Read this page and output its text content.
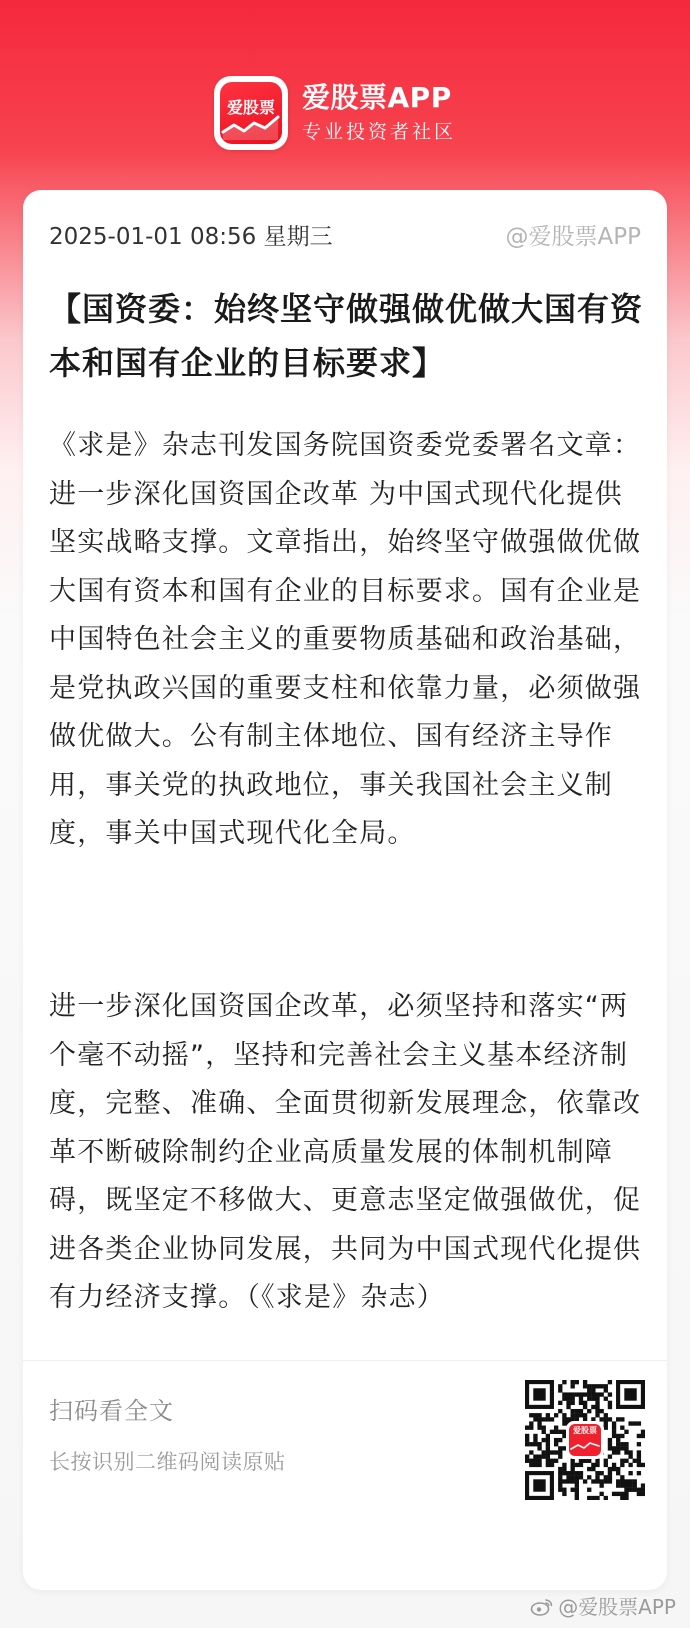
爱股票 爱股票APP
专业投资者社区
2025-01-01 08:56 星期三	@爱股票APP
【国资委：始终坚守做强做优做大国有资本和国有企业的目标要求】
《求是》杂志刊发国务院国资委党委署名文章：进一步深化国资国企改革 为中国式现代化提供坚实战略支撑。文章指出，始终坚守做强做优做大国有资本和国有企业的目标要求。国有企业是中国特色社会主义的重要物质基础和政治基础，是党执政兴国的重要支柱和依靠力量，必须做强做优做大。公有制主体地位、国有经济主导作用，事关党的执政地位，事关我国社会主义制度，事关中国式现代化全局。
进一步深化国资国企改革，必须坚持和落实“两个毫不动摇”，坚持和完善社会主义基本经济制度，完整、准确、全面贯彻新发展理念，依靠改革不断破除制约企业高质量发展的体制机制障碍，既坚定不移做大、更意志坚定做强做优，促进各类企业协同发展，共同为中国式现代化提供有力经济支撑。（《求是》杂志）
扫码看全文
长按识别二维码阅读原贴
爱股票
@爱股票APP
